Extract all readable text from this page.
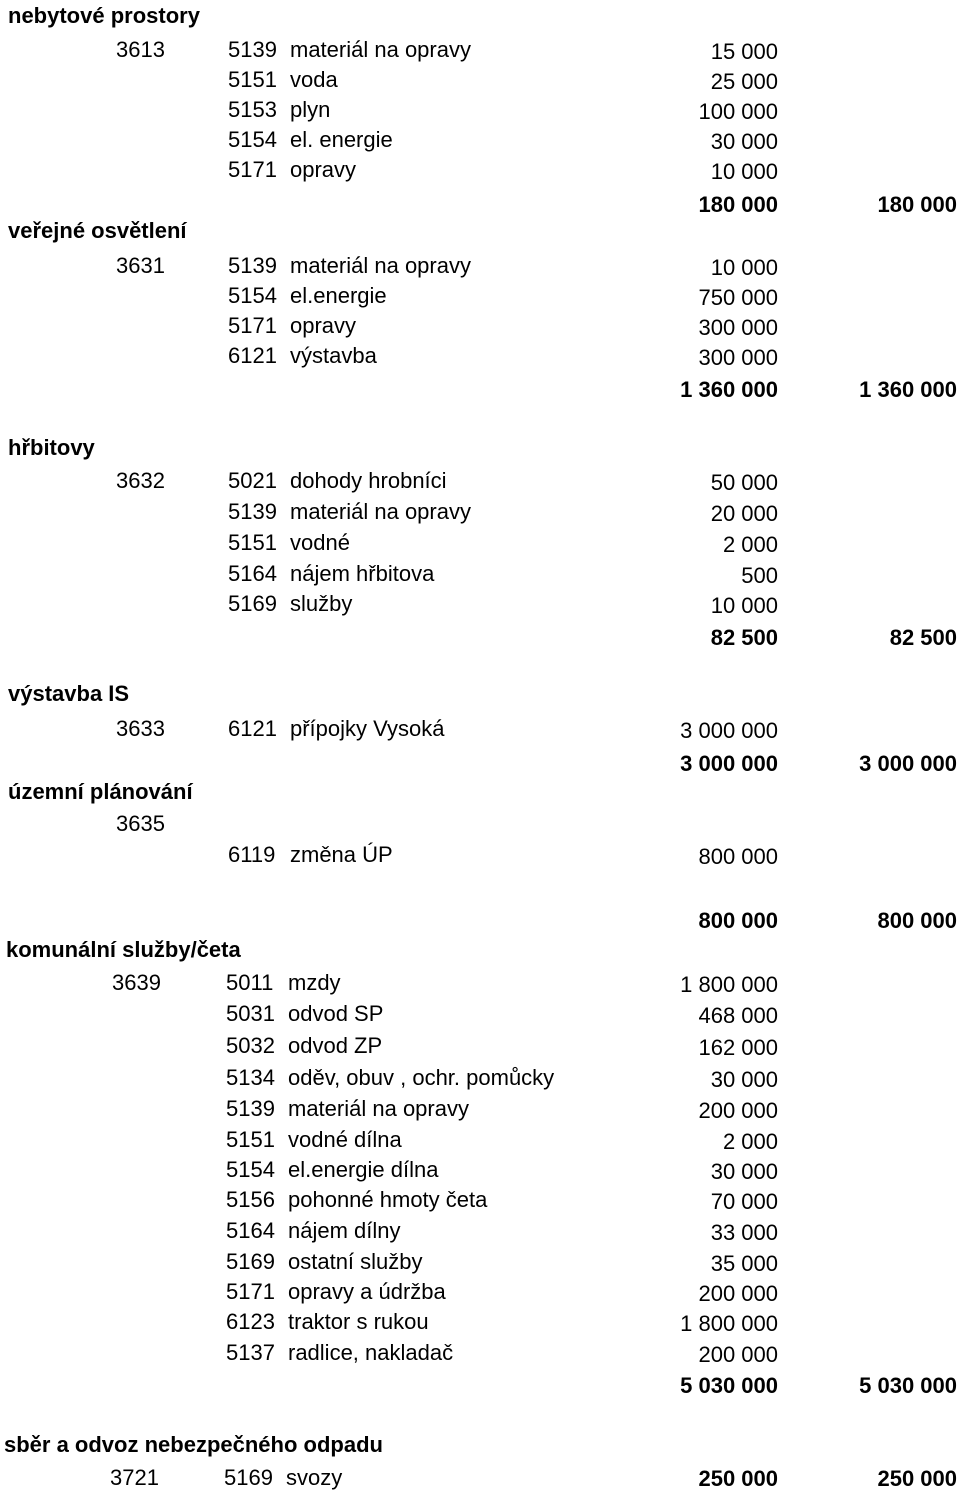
nebytové prostory
3613	5139 materiál na opravy	15 000
5151 voda	25 000
5153 plyn	100 000
5154 el. energie	30 000
5171 opravy	10 000
180 000	180 000
veřejné osvětlení
3631	5139 materiál na opravy	10 000
5154 el.energie	750 000
5171 opravy	300 000
6121 výstavba	300 000
1 360 000	1 360 000
hřbitovy
3632	5021 dohody hrobníci	50 000
5139 materiál na opravy	20 000
5151 vodné	2 000
5164 nájem hřbitova	500
5169 služby	10 000
82 500	82 500
výstavba IS
3633	6121 přípojky Vysoká	3 000 000
3 000 000	3 000 000
územní plánování
3635
6119 změna ÚP	800 000
800 000	800 000
komunální služby/četa
3639	5011 mzdy	1 800 000
5031 odvod SP	468 000
5032 odvod ZP	162 000
5134 oděv, obuv , ochr. pomůcky	30 000
5139 materiál na opravy	200 000
5151 vodné dílna	2 000
5154 el.energie dílna	30 000
5156 pohonné hmoty četa	70 000
5164 nájem dílny	33 000
5169 ostatní služby	35 000
5171 opravy a údržba	200 000
6123 traktor s rukou	1 800 000
5137 radlice, nakladač	200 000
5 030 000	5 030 000
sběr a odvoz nebezpečného odpadu
3721	5169 svozy	250 000	250 000
